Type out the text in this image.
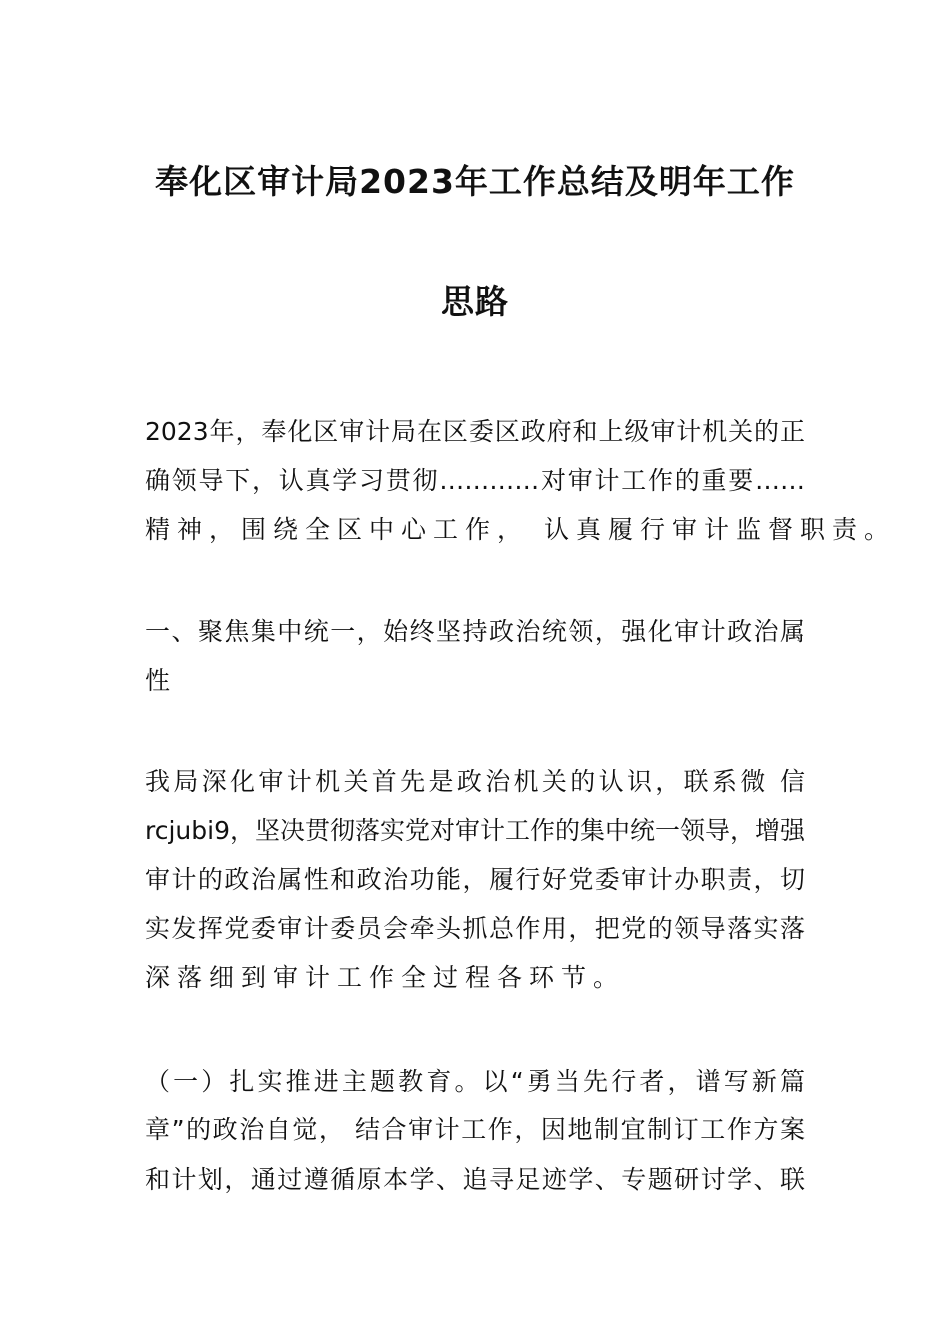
奉化区审计局2023年工作总结及明年工作
思路
2023年，奉化区审计局在区委区政府和上级审计机关的正
确领导下，认真学习贯彻…………对审计工作的重要……
精神，围绕全区中心工作， 认真履行审计监督职责。
一、聚焦集中统一，始终坚持政治统领，强化审计政治属
性
我局深化审计机关首先是政治机关的认识，联系微 信
rcjubi9，坚决贯彻落实党对审计工作的集中统一领导，增强
审计的政治属性和政治功能，履行好党委审计办职责，切
实发挥党委审计委员会牵头抓总作用，把党的领导落实落
深落细到审计工作全过程各环节。
（一）扎实推进主题教育。以“勇当先行者，谱写新篇
章”的政治自觉， 结合审计工作，因地制宜制订工作方案
和计划，通过遵循原本学、追寻足迹学、专题研讨学、联
